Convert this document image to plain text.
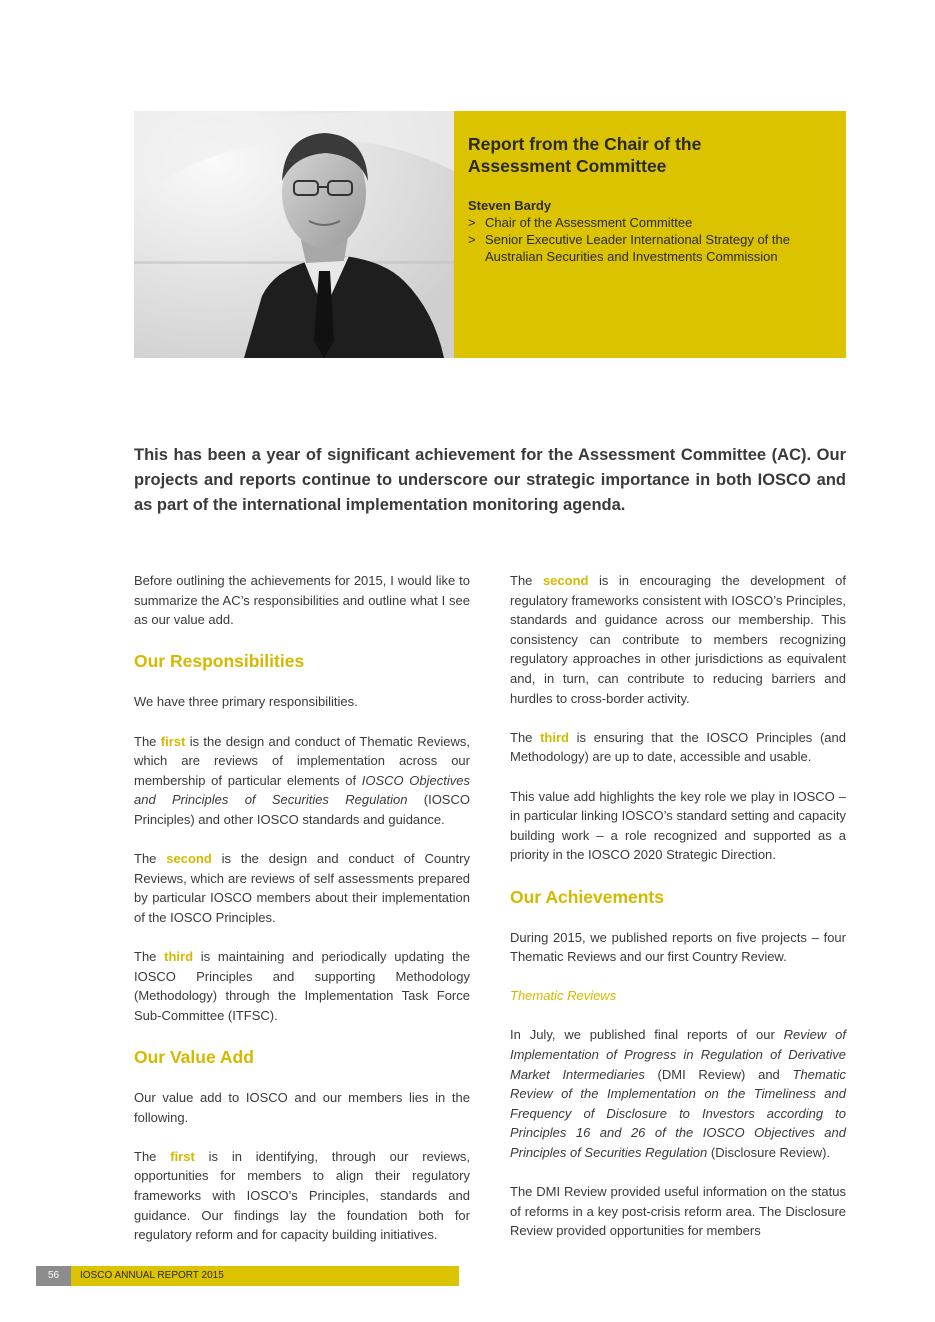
Report from the Chair of the
Assessment Committee
Steven Bardy
> Chair of the Assessment Committee
> Senior Executive Leader International Strategy of the
Australian Securities and Investments Commission

This has been a year of significant achievement for the Assessment Committee (AC). Our projects and reports continue to underscore our strategic importance in both IOSCO and as part of the international implementation monitoring agenda.

Before outlining the achievements for 2015, I would like to summarize the AC’s responsibilities and outline what I see as our value add.

Our Responsibilities

We have three primary responsibilities.

The first is the design and conduct of Thematic Reviews, which are reviews of implementation across our membership of particular elements of IOSCO Objectives and Principles of Securities Regulation (IOSCO Principles) and other IOSCO standards and guidance.

The second is the design and conduct of Country Reviews, which are reviews of self assessments prepared by particular IOSCO members about their implementation of the IOSCO Principles.

The third is maintaining and periodically updating the IOSCO Principles and supporting Methodology (Methodology) through the Implementation Task Force Sub-Committee (ITFSC).

Our Value Add

Our value add to IOSCO and our members lies in the following.

The first is in identifying, through our reviews, opportunities for members to align their regulatory frameworks with IOSCO’s Principles, standards and guidance. Our findings lay the foundation both for regulatory reform and for capacity building initiatives.

The second is in encouraging the development of regulatory frameworks consistent with IOSCO’s Principles, standards and guidance across our membership. This consistency can contribute to members recognizing regulatory approaches in other jurisdictions as equivalent and, in turn, can contribute to reducing barriers and hurdles to cross-border activity.

The third is ensuring that the IOSCO Principles (and Methodology) are up to date, accessible and usable.

This value add highlights the key role we play in IOSCO – in particular linking IOSCO’s standard setting and capacity building work – a role recognized and supported as a priority in the IOSCO 2020 Strategic Direction.

Our Achievements

During 2015, we published reports on five projects – four Thematic Reviews and our first Country Review.

Thematic Reviews

In July, we published final reports of our Review of Implementation of Progress in Regulation of Derivative Market Intermediaries (DMI Review) and Thematic Review of the Implementation on the Timeliness and Frequency of Disclosure to Investors according to Principles 16 and 26 of the IOSCO Objectives and Principles of Securities Regulation (Disclosure Review).

The DMI Review provided useful information on the status of reforms in a key post-crisis reform area. The Disclosure Review provided opportunities for members

56	IOSCO ANNUAL REPORT 2015
